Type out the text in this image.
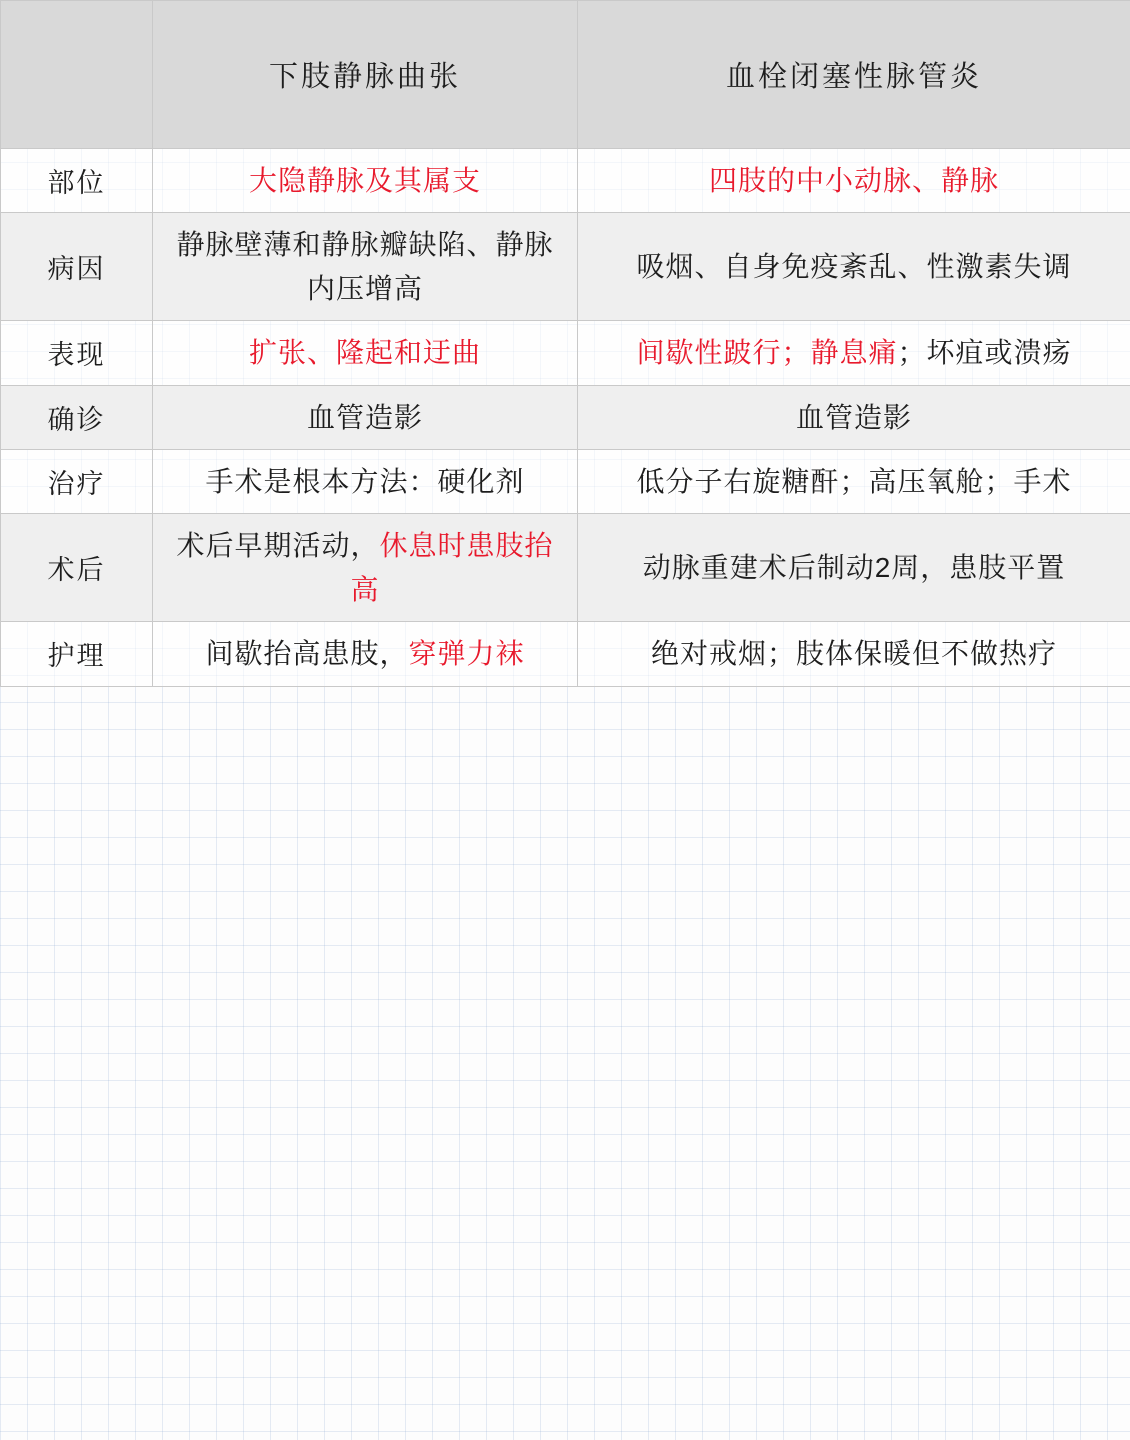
	下肢静脉曲张	血栓闭塞性脉管炎
部位	大隐静脉及其属支	四肢的中小动脉、静脉
病因	静脉壁薄和静脉瓣缺陷、静脉内压增高	吸烟、自身免疫紊乱、性激素失调
表现	扩张、隆起和迂曲	间歇性跛行；静息痛；坏疽或溃疡

确诊	血管造影	血管造影
治疗	手术是根本方法：硬化剂	低分子右旋糖酐；高压氧舱；手术
术后	术后早期活动，休息时患肢抬高	动脉重建术后制动2周，患肢平置
护理	间歇抬高患肢，穿弹力袜	绝对戒烟；肢体保暖但不做热疗
